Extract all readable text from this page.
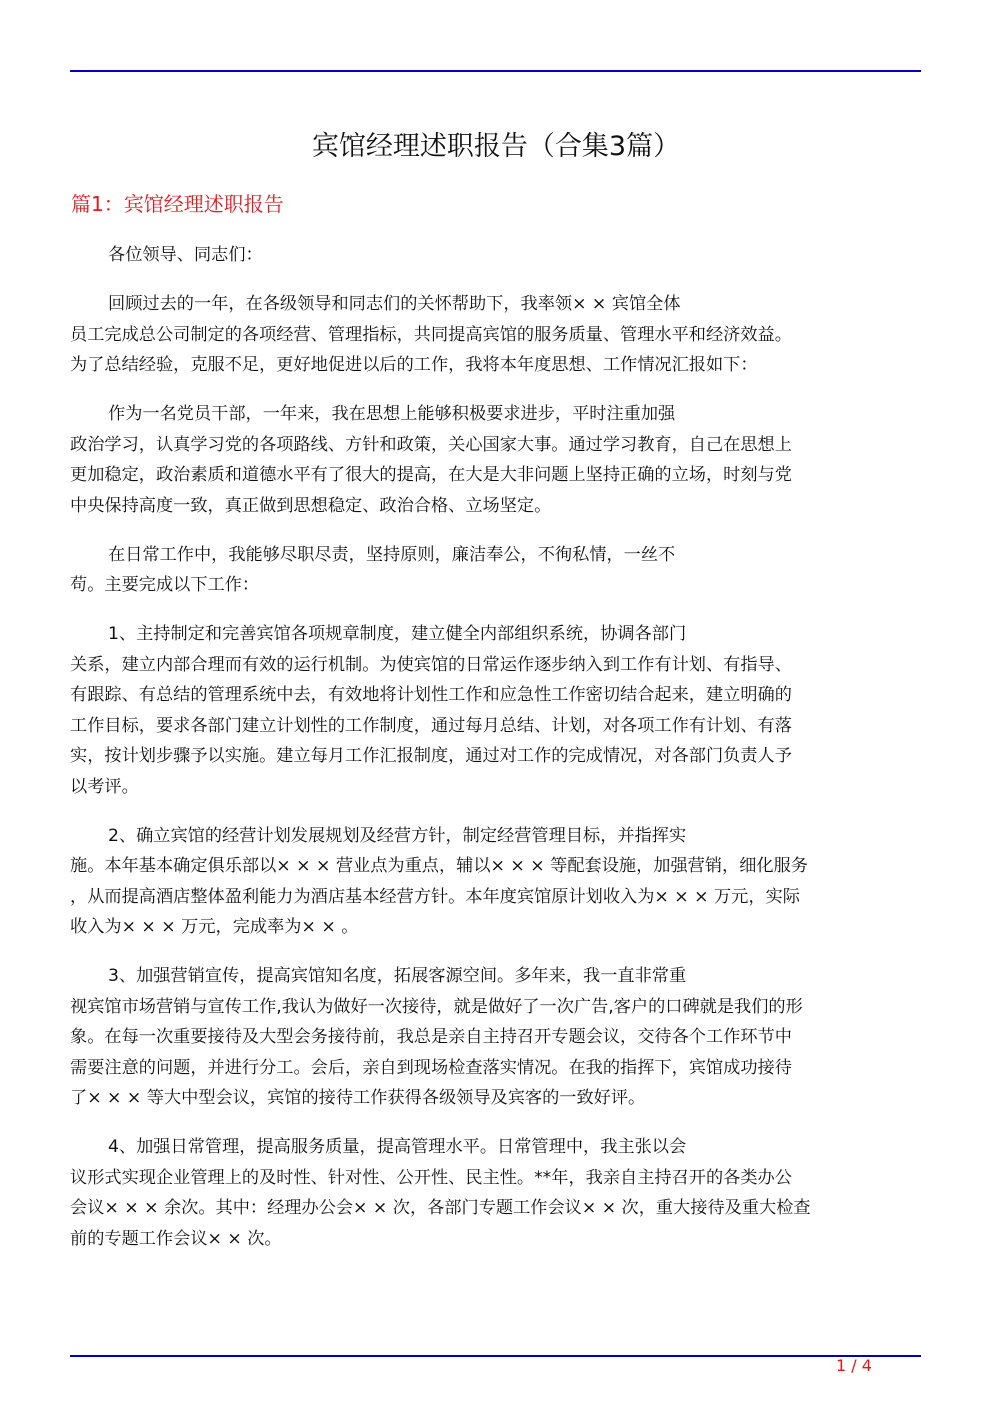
宾馆经理述职报告（合集3篇）
篇1：宾馆经理述职报告
各位领导、同志们：
回顾过去的一年，在各级领导和同志们的关怀帮助下，我率领× × 宾馆全体
员工完成总公司制定的各项经营、管理指标，共同提高宾馆的服务质量、管理水平和经济效益。
为了总结经验，克服不足，更好地促进以后的工作，我将本年度思想、工作情况汇报如下：
作为一名党员干部，一年来，我在思想上能够积极要求进步，平时注重加强
政治学习，认真学习党的各项路线、方针和政策，关心国家大事。通过学习教育，自己在思想上
更加稳定，政治素质和道德水平有了很大的提高，在大是大非问题上坚持正确的立场，时刻与党
中央保持高度一致，真正做到思想稳定、政治合格、立场坚定。
在日常工作中，我能够尽职尽责，坚持原则，廉洁奉公，不徇私情，一丝不
苟。主要完成以下工作：
1、主持制定和完善宾馆各项规章制度，建立健全内部组织系统，协调各部门
关系，建立内部合理而有效的运行机制。为使宾馆的日常运作逐步纳入到工作有计划、有指导、
有跟踪、有总结的管理系统中去，有效地将计划性工作和应急性工作密切结合起来，建立明确的
工作目标，要求各部门建立计划性的工作制度，通过每月总结、计划，对各项工作有计划、有落
实，按计划步骤予以实施。建立每月工作汇报制度，通过对工作的完成情况，对各部门负责人予
以考评。
2、确立宾馆的经营计划发展规划及经营方针，制定经营管理目标，并指挥实
施。本年基本确定俱乐部以× × × 营业点为重点，辅以× × × 等配套设施，加强营销，细化服务
，从而提高酒店整体盈利能力为酒店基本经营方针。本年度宾馆原计划收入为× × × 万元，实际
收入为× × × 万元，完成率为× × 。
3、加强营销宣传，提高宾馆知名度，拓展客源空间。多年来，我一直非常重
视宾馆市场营销与宣传工作,我认为做好一次接待，就是做好了一次广告,客户的口碑就是我们的形
象。在每一次重要接待及大型会务接待前，我总是亲自主持召开专题会议，交待各个工作环节中
需要注意的问题，并进行分工。会后，亲自到现场检查落实情况。在我的指挥下，宾馆成功接待
了× × × 等大中型会议，宾馆的接待工作获得各级领导及宾客的一致好评。
4、加强日常管理，提高服务质量，提高管理水平。日常管理中，我主张以会
议形式实现企业管理上的及时性、针对性、公开性、民主性。**年，我亲自主持召开的各类办公
会议× × × 余次。其中：经理办公会× × 次，各部门专题工作会议× × 次，重大接待及重大检查
前的专题工作会议× × 次。
1 / 4
